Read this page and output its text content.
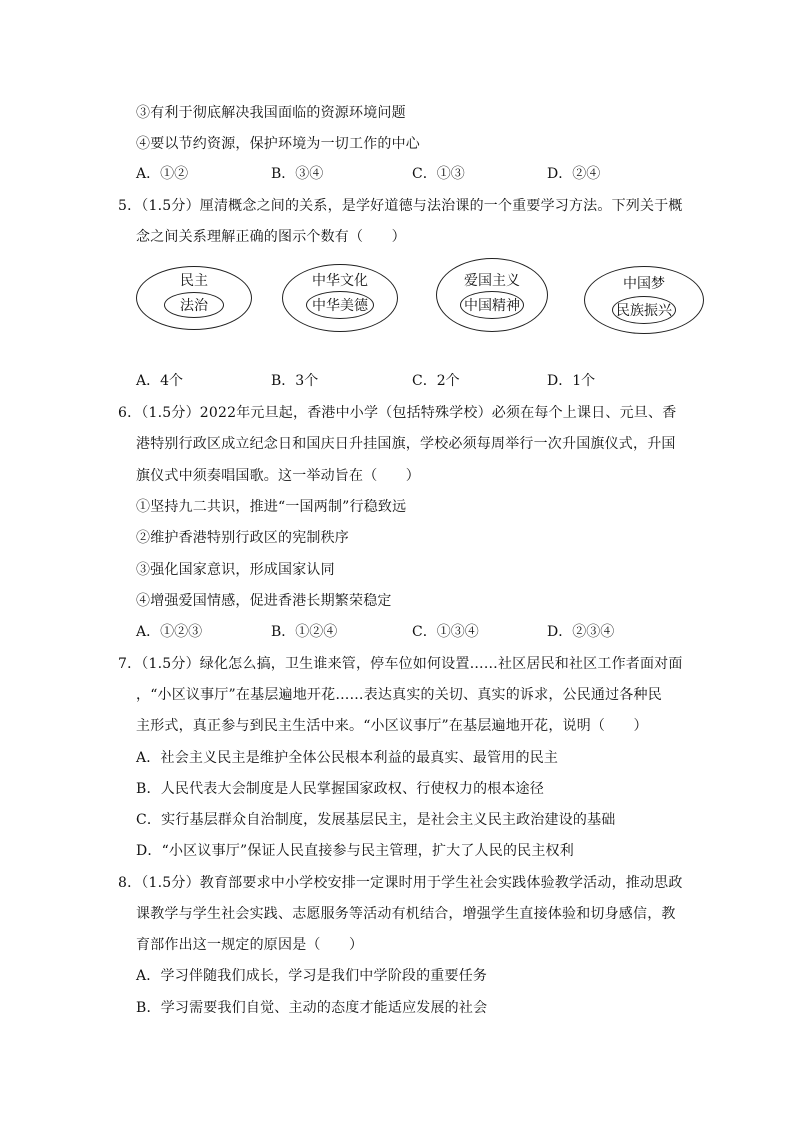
③有利于彻底解决我国面临的资源环境问题
④要以节约资源，保护环境为一切工作的中心
A．①②	B．③④	C．①③	D．②④
5．（1.5分）厘清概念之间的关系，是学好道德与法治课的一个重要学习方法。下列关于概
念之间关系理解正确的图示个数有（　　）
民主
法治
中华文化
中华美德
爱国主义
中国精神
中国梦
民族振兴
A．4个	B．3个	C．2个	D．1个
6．（1.5分）2022年元旦起，香港中小学（包括特殊学校）必须在每个上课日、元旦、香
港特别行政区成立纪念日和国庆日升挂国旗，学校必须每周举行一次升国旗仪式，升国
旗仪式中须奏唱国歌。这一举动旨在（　　）
①坚持九二共识，推进“一国两制”行稳致远
②维护香港特别行政区的宪制秩序
③强化国家意识，形成国家认同
④增强爱国情感，促进香港长期繁荣稳定
A．①②③	B．①②④	C．①③④	D．②③④
7．（1.5分）绿化怎么搞，卫生谁来管，停车位如何设置……社区居民和社区工作者面对面
，“小区议事厅”在基层遍地开花……表达真实的关切、真实的诉求，公民通过各种民
主形式，真正参与到民主生活中来。“小区议事厅”在基层遍地开花，说明（　　）
A．社会主义民主是维护全体公民根本利益的最真实、最管用的民主
B．人民代表大会制度是人民掌握国家政权、行使权力的根本途径
C．实行基层群众自治制度，发展基层民主，是社会主义民主政治建设的基础
D．“小区议事厅”保证人民直接参与民主管理，扩大了人民的民主权利
8．（1.5分）教育部要求中小学校安排一定课时用于学生社会实践体验教学活动，推动思政
课教学与学生社会实践、志愿服务等活动有机结合，增强学生直接体验和切身感信，教
育部作出这一规定的原因是（　　）
A．学习伴随我们成长，学习是我们中学阶段的重要任务
B．学习需要我们自觉、主动的态度才能适应发展的社会
